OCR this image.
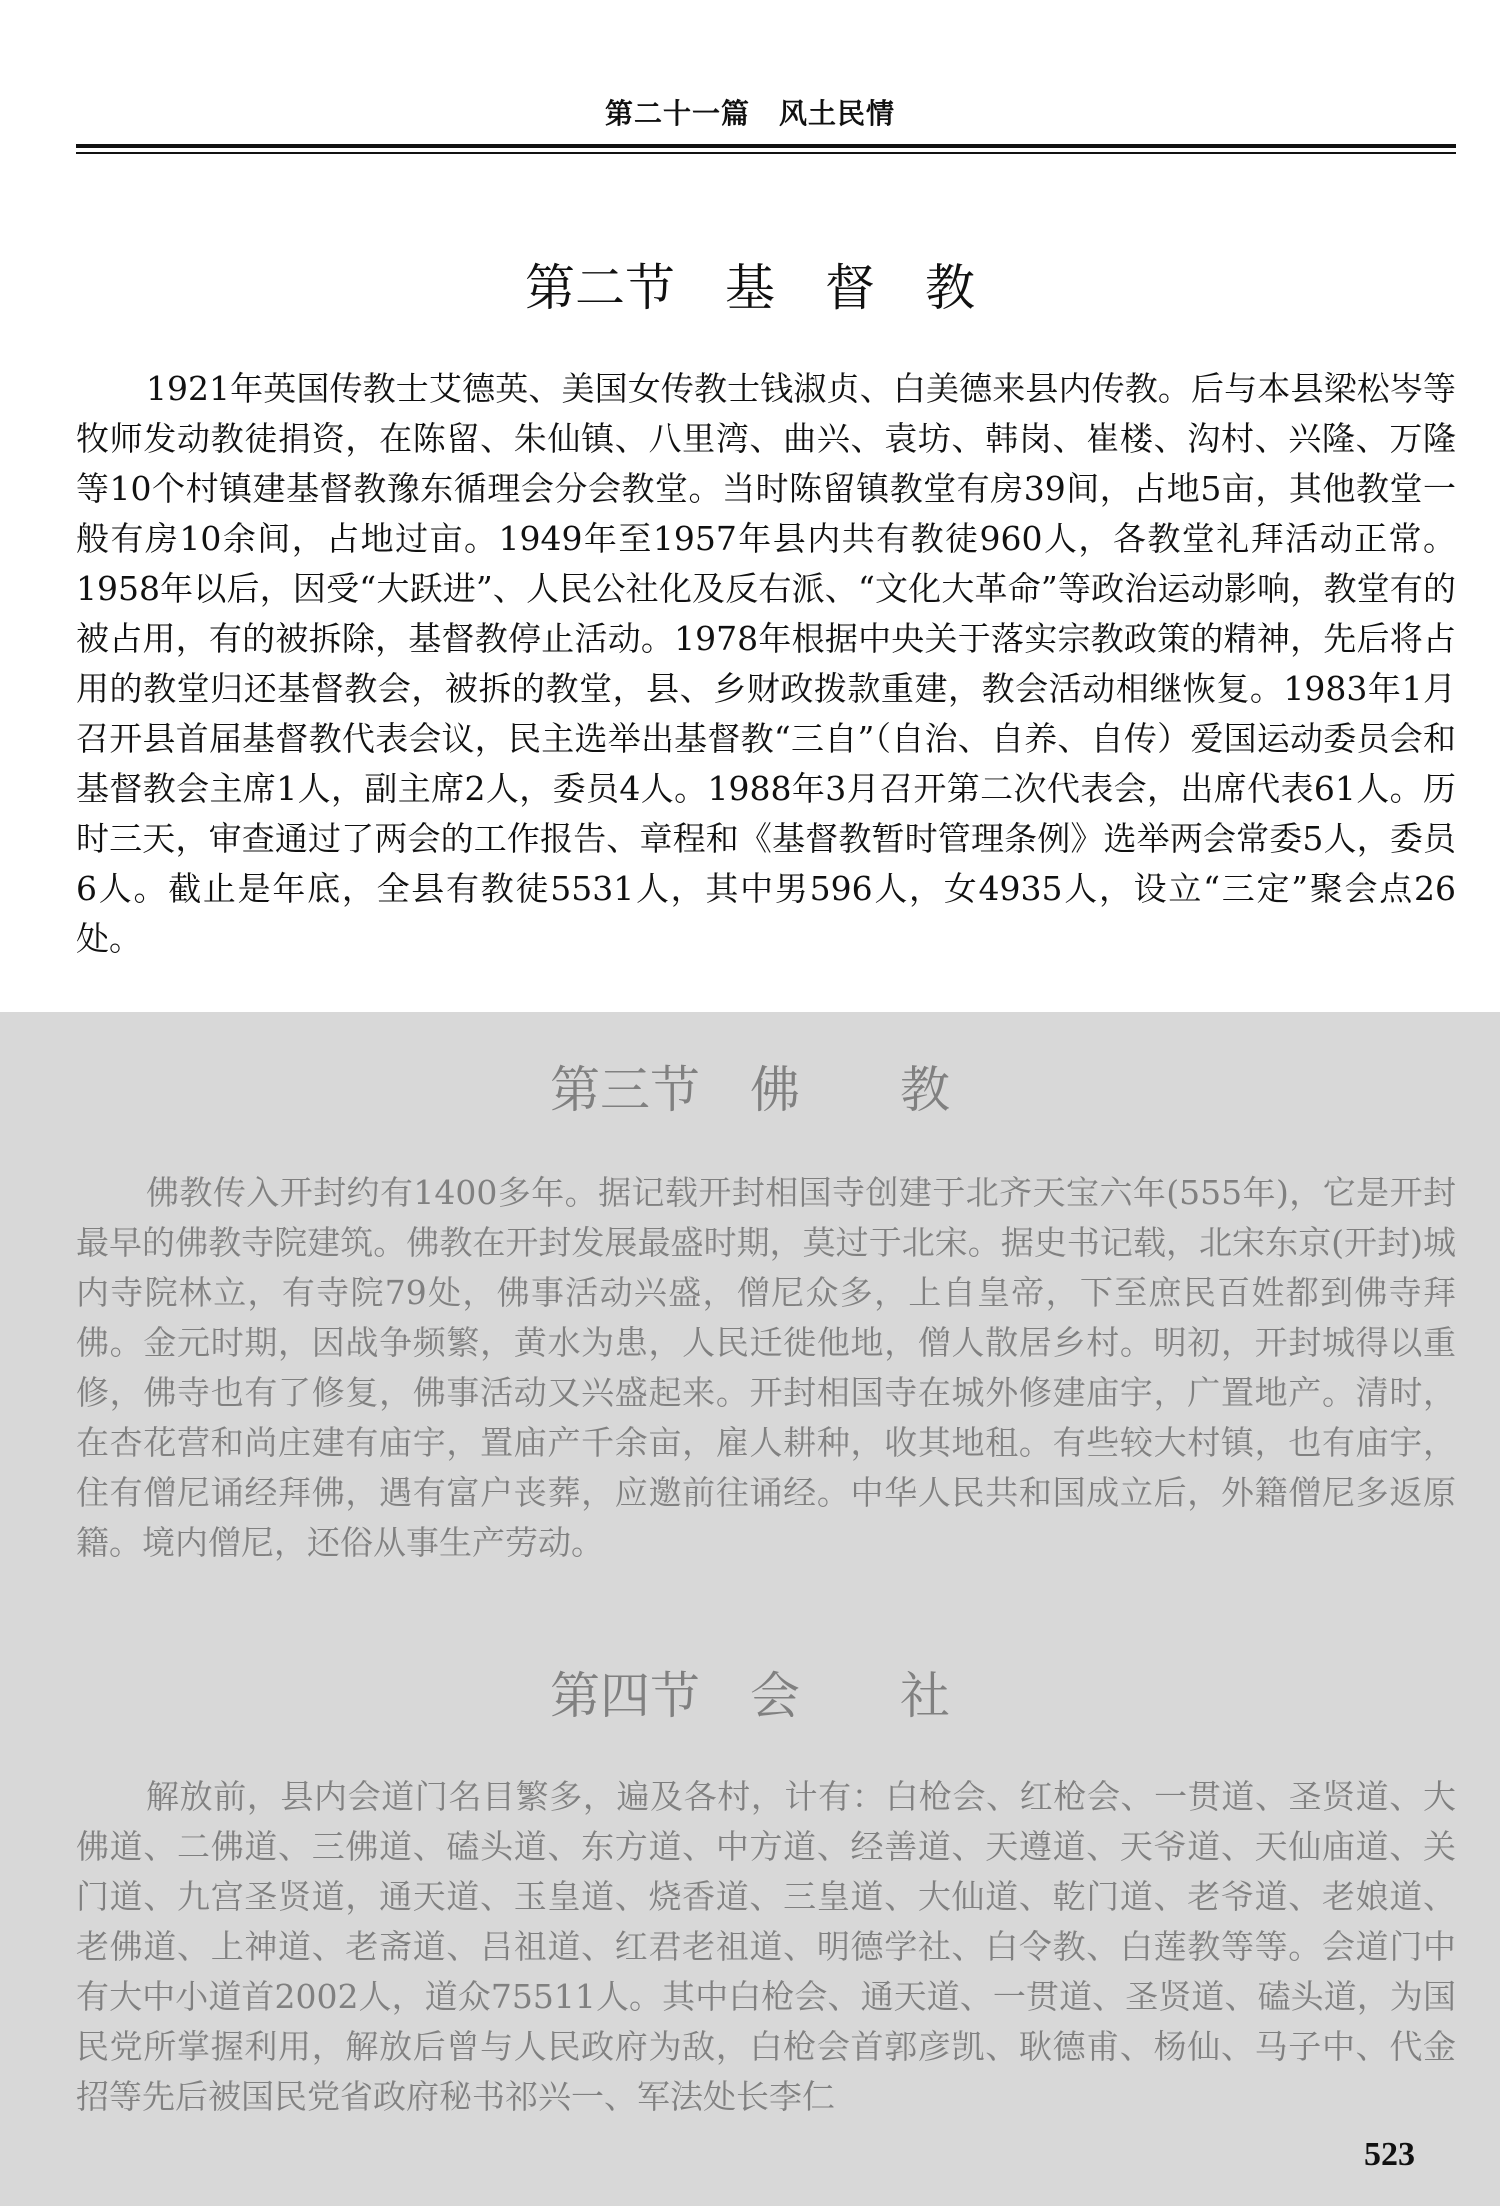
第二十一篇　风土民情
第二节　基　督　教

1921年英国传教士艾德英、美国女传教士钱淑贞、白美德来县内传教。后与本县梁松岑等牧师发动教徒捐资，在陈留、朱仙镇、八里湾、曲兴、袁坊、韩岗、崔楼、沟村、兴隆、万隆等10个村镇建基督教豫东循理会分会教堂。当时陈留镇教堂有房39间，占地5亩，其他教堂一般有房10余间，占地过亩。1949年至1957年县内共有教徒960人，各教堂礼拜活动正常。1958年以后，因受“大跃进”、人民公社化及反右派、“文化大革命”等政治运动影响，教堂有的被占用，有的被拆除，基督教停止活动。1978年根据中央关于落实宗教政策的精神，先后将占用的教堂归还基督教会，被拆的教堂，县、乡财政拨款重建，教会活动相继恢复。1983年1月召开县首届基督教代表会议，民主选举出基督教“三自”（自治、自养、自传）爱国运动委员会和基督教会主席1人，副主席2人，委员4人。1988年3月召开第二次代表会，出席代表61人。历时三天，审查通过了两会的工作报告、章程和《基督教暂时管理条例》选举两会常委5人，委员6人。截止是年底，全县有教徒5531人，其中男596人，女4935人，设立“三定”聚会点26处。

第三节　佛　　教

佛教传入开封约有1400多年。据记载开封相国寺创建于北齐天宝六年(555年)，它是开封最早的佛教寺院建筑。佛教在开封发展最盛时期，莫过于北宋。据史书记载，北宋东京(开封)城内寺院林立，有寺院79处，佛事活动兴盛，僧尼众多，上自皇帝，下至庶民百姓都到佛寺拜佛。金元时期，因战争频繁，黄水为患，人民迁徙他地，僧人散居乡村。明初，开封城得以重修，佛寺也有了修复，佛事活动又兴盛起来。开封相国寺在城外修建庙宇，广置地产。清时，在杏花营和尚庄建有庙宇，置庙产千余亩，雇人耕种，收其地租。有些较大村镇，也有庙宇，住有僧尼诵经拜佛，遇有富户丧葬，应邀前往诵经。中华人民共和国成立后，外籍僧尼多返原籍。境内僧尼，还俗从事生产劳动。

第四节　会　　社

解放前，县内会道门名目繁多，遍及各村，计有：白枪会、红枪会、一贯道、圣贤道、大佛道、二佛道、三佛道、磕头道、东方道、中方道、经善道、天遵道、天爷道、天仙庙道、关门道、九宫圣贤道，通天道、玉皇道、烧香道、三皇道、大仙道、乾门道、老爷道、老娘道、老佛道、上神道、老斋道、吕祖道、红君老祖道、明德学社、白令教、白莲教等等。会道门中有大中小道首2002人，道众75511人。其中白枪会、通天道、一贯道、圣贤道、磕头道，为国民党所掌握利用，解放后曾与人民政府为敌，白枪会首郭彦凯、耿德甫、杨仙、马子中、代金招等先后被国民党省政府秘书祁兴一、军法处长李仁

523
